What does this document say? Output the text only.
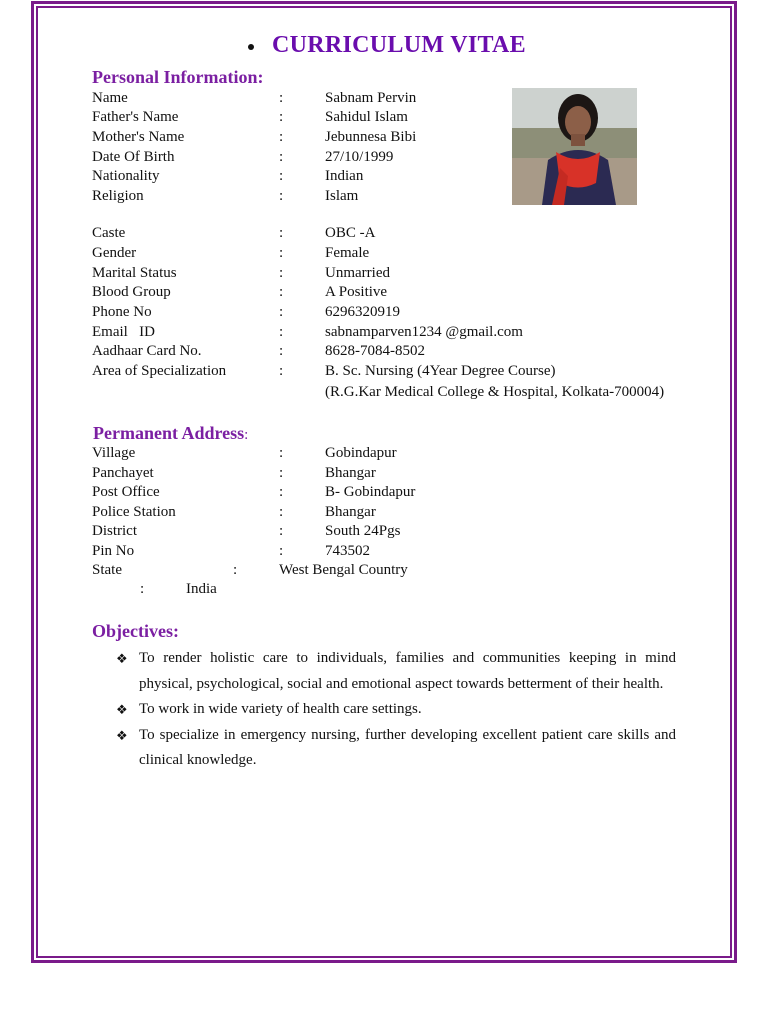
CURRICULUM VITAE
Personal Information:
Name	:	Sabnam Pervin
Father's Name	:	Sahidul Islam
Mother's Name	:	Jebunnesa Bibi
Date Of Birth	:	27/10/1999
Nationality	:	Indian
Religion	:	Islam
Caste	:	OBC -A
Gender	:	Female
Marital Status	:	Unmarried
Blood Group	:	A Positive
Phone No	:	6296320919
Email   ID	:	sabnamparven1234 @gmail.com
Aadhaar Card No.	:	8628-7084-8502
Area of Specialization	:	B. Sc. Nursing (4Year Degree Course)
(R.G.Kar Medical College & Hospital, Kolkata-700004)
Permanent Address:
Village	:	Gobindapur
Panchayet	:	Bhangar
Post Office	:	B- Gobindapur
Police Station	:	Bhangar
District	:	South 24Pgs
Pin No	:	743502
State	:	West Bengal Country
:	India
Objectives:
❖ To render holistic care to individuals, families and communities keeping in mind physical, psychological, social and emotional aspect towards betterment of their health.
❖ To work in wide variety of health care settings.
❖ To specialize in emergency nursing, further developing excellent patient care skills and clinical knowledge.
